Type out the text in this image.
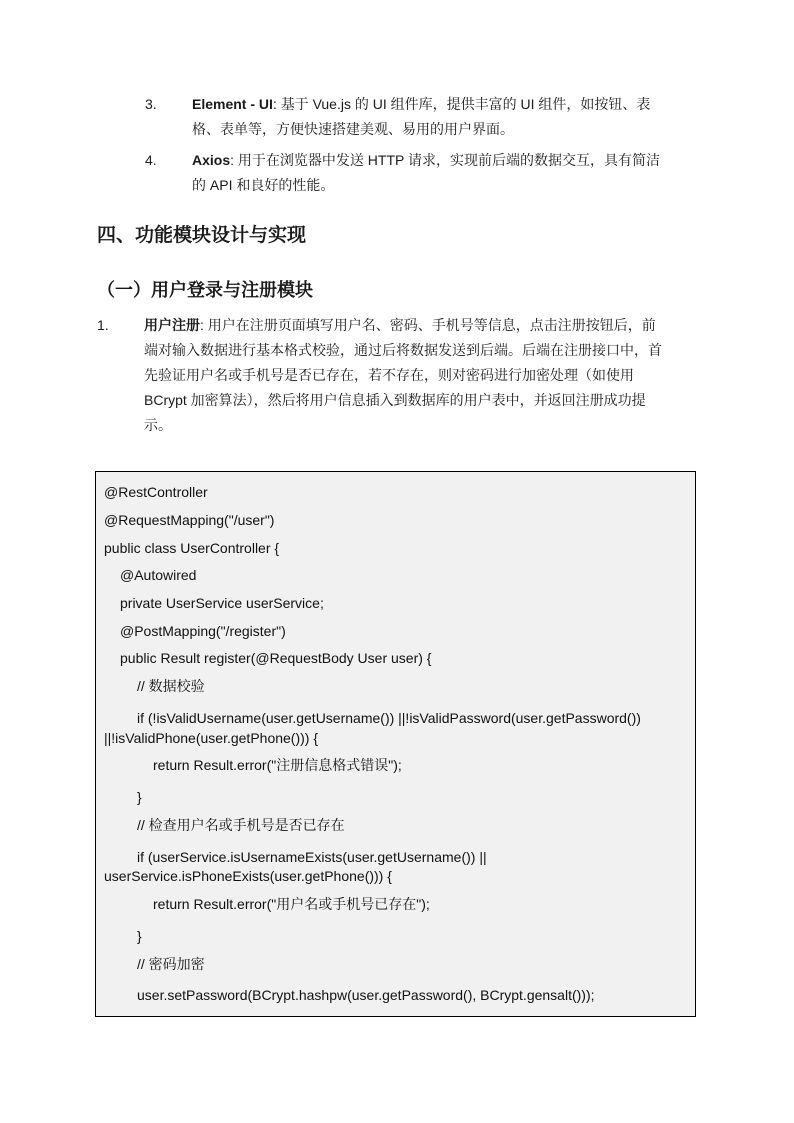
3.	Element - UI: 基于 Vue.js 的 UI 组件库，提供丰富的 UI 组件，如按钮、表
格、表单等，方便快速搭建美观、易用的用户界面。
4.	Axios: 用于在浏览器中发送 HTTP 请求，实现前后端的数据交互，具有简洁
的 API 和良好的性能。
四、功能模块设计与实现
（一）用户登录与注册模块
1.	用户注册: 用户在注册页面填写用户名、密码、手机号等信息，点击注册按钮后，前
端对输入数据进行基本格式校验，通过后将数据发送到后端。后端在注册接口中，首
先验证用户名或手机号是否已存在，若不存在，则对密码进行加密处理（如使用
BCrypt 加密算法），然后将用户信息插入到数据库的用户表中，并返回注册成功提
示。
@RestController
@RequestMapping("/user")
public class UserController {
@Autowired
private UserService userService;
@PostMapping("/register")
public Result register(@RequestBody User user) {
// 数据校验
if (!isValidUsername(user.getUsername()) ||!isValidPassword(user.getPassword())
||!isValidPhone(user.getPhone())) {
return Result.error("注册信息格式错误");
}
// 检查用户名或手机号是否已存在
if (userService.isUsernameExists(user.getUsername()) ||
userService.isPhoneExists(user.getPhone())) {
return Result.error("用户名或手机号已存在");
}
// 密码加密
user.setPassword(BCrypt.hashpw(user.getPassword(), BCrypt.gensalt()));
